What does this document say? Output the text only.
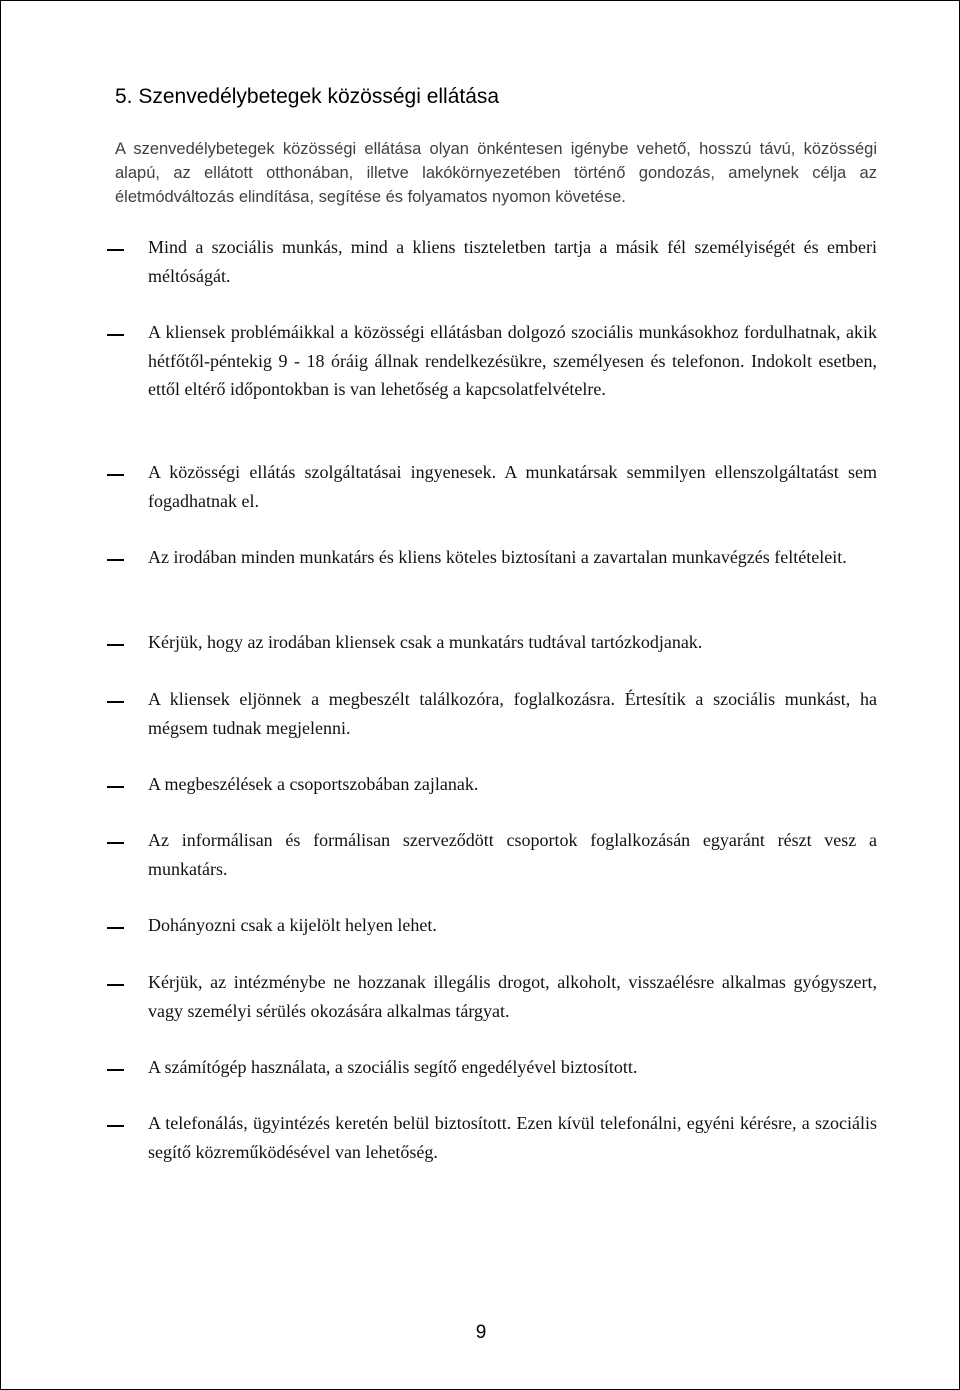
5. Szenvedélybetegek közösségi ellátása

A szenvedélybetegek közösségi ellátása olyan önkéntesen igénybe vehető, hosszú távú, közösségi alapú, az ellátott otthonában, illetve lakókörnyezetében történő gondozás, amelynek célja az életmódváltozás elindítása, segítése és folyamatos nyomon követése.

Mind a szociális munkás, mind a kliens tiszteletben tartja a másik fél személyiségét és emberi méltóságát.

A kliensek problémáikkal a közösségi ellátásban dolgozó szociális munkásokhoz fordulhatnak, akik hétfőtől-péntekig 9 - 18 óráig állnak rendelkezésükre, személyesen és telefonon. Indokolt esetben, ettől eltérő időpontokban is van lehetőség a kapcsolatfelvételre.

A közösségi ellátás szolgáltatásai ingyenesek. A munkatársak semmilyen ellenszolgáltatást sem fogadhatnak el.

Az irodában minden munkatárs és kliens köteles biztosítani a zavartalan munkavégzés feltételeit.

Kérjük, hogy az irodában kliensek csak a munkatárs tudtával tartózkodjanak.

A kliensek eljönnek a megbeszélt találkozóra, foglalkozásra. Értesítik a szociális munkást, ha mégsem tudnak megjelenni.

A megbeszélések a csoportszobában zajlanak.

Az informálisan és formálisan szerveződött csoportok foglalkozásán egyaránt részt vesz a munkatárs.

Dohányozni csak a kijelölt helyen lehet.

Kérjük, az intézménybe ne hozzanak illegális drogot, alkoholt, visszaélésre alkalmas gyógyszert, vagy személyi sérülés okozására alkalmas tárgyat.

A számítógép használata, a szociális segítő engedélyével biztosított.

A telefonálás, ügyintézés keretén belül biztosított. Ezen kívül telefonálni, egyéni kérésre, a szociális segítő közreműködésével van lehetőség.

9
